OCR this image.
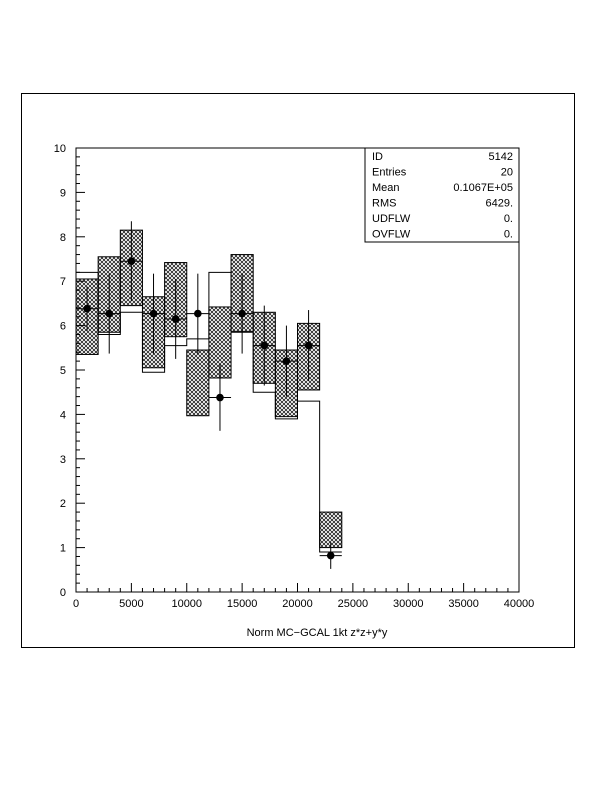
0	5000	10000 15000 20000 25000 30000 35000 40000
0
1
2
3
4
5
6
7
8
9
10
ID	5142
Entries	20
Mean	0.1067E+05
RMS	6429.
UDFLW	0.
OVFLW	0.
Norm MC−GCAL 1kt z*z+y*y
